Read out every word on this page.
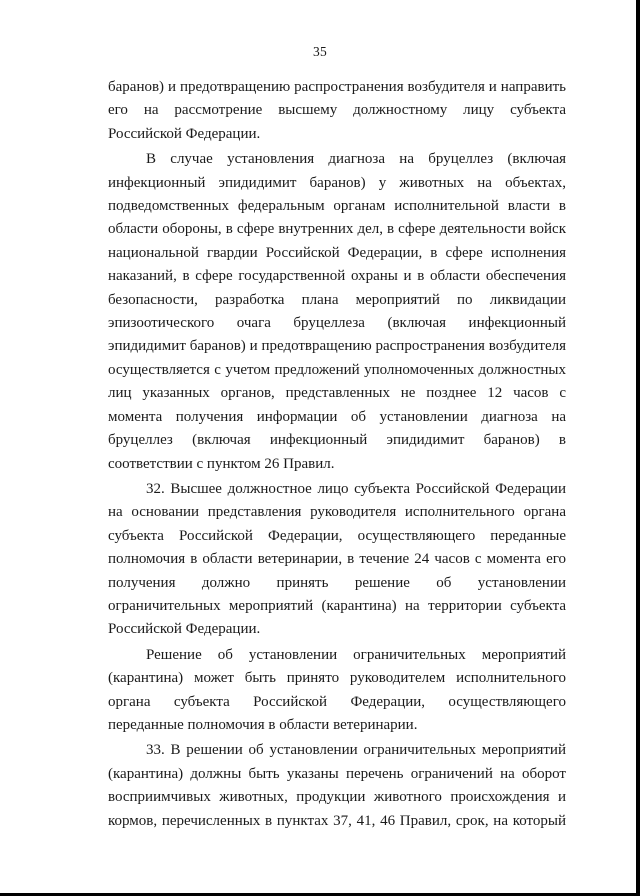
35

баранов) и предотвращению распространения возбудителя и направить его на рассмотрение высшему должностному лицу субъекта Российской Федерации.

В случае установления диагноза на бруцеллез (включая инфекционный эпидидимит баранов) у животных на объектах, подведомственных федеральным органам исполнительной власти в области обороны, в сфере внутренних дел, в сфере деятельности войск национальной гвардии Российской Федерации, в сфере исполнения наказаний, в сфере государственной охраны и в области обеспечения безопасности, разработка плана мероприятий по ликвидации эпизоотического очага бруцеллеза (включая инфекционный эпидидимит баранов) и предотвращению распространения возбудителя осуществляется с учетом предложений уполномоченных должностных лиц указанных органов, представленных не позднее 12 часов с момента получения информации об установлении диагноза на бруцеллез (включая инфекционный эпидидимит баранов) в соответствии с пунктом 26 Правил.

32. Высшее должностное лицо субъекта Российской Федерации на основании представления руководителя исполнительного органа субъекта Российской Федерации, осуществляющего переданные полномочия в области ветеринарии, в течение 24 часов с момента его получения должно принять решение об установлении ограничительных мероприятий (карантина) на территории субъекта Российской Федерации.

Решение об установлении ограничительных мероприятий (карантина) может быть принято руководителем исполнительного органа субъекта Российской Федерации, осуществляющего переданные полномочия в области ветеринарии.

33. В решении об установлении ограничительных мероприятий (карантина) должны быть указаны перечень ограничений на оборот восприимчивых животных, продукции животного происхождения и кормов, перечисленных в пунктах 37, 41, 46 Правил, срок, на который
